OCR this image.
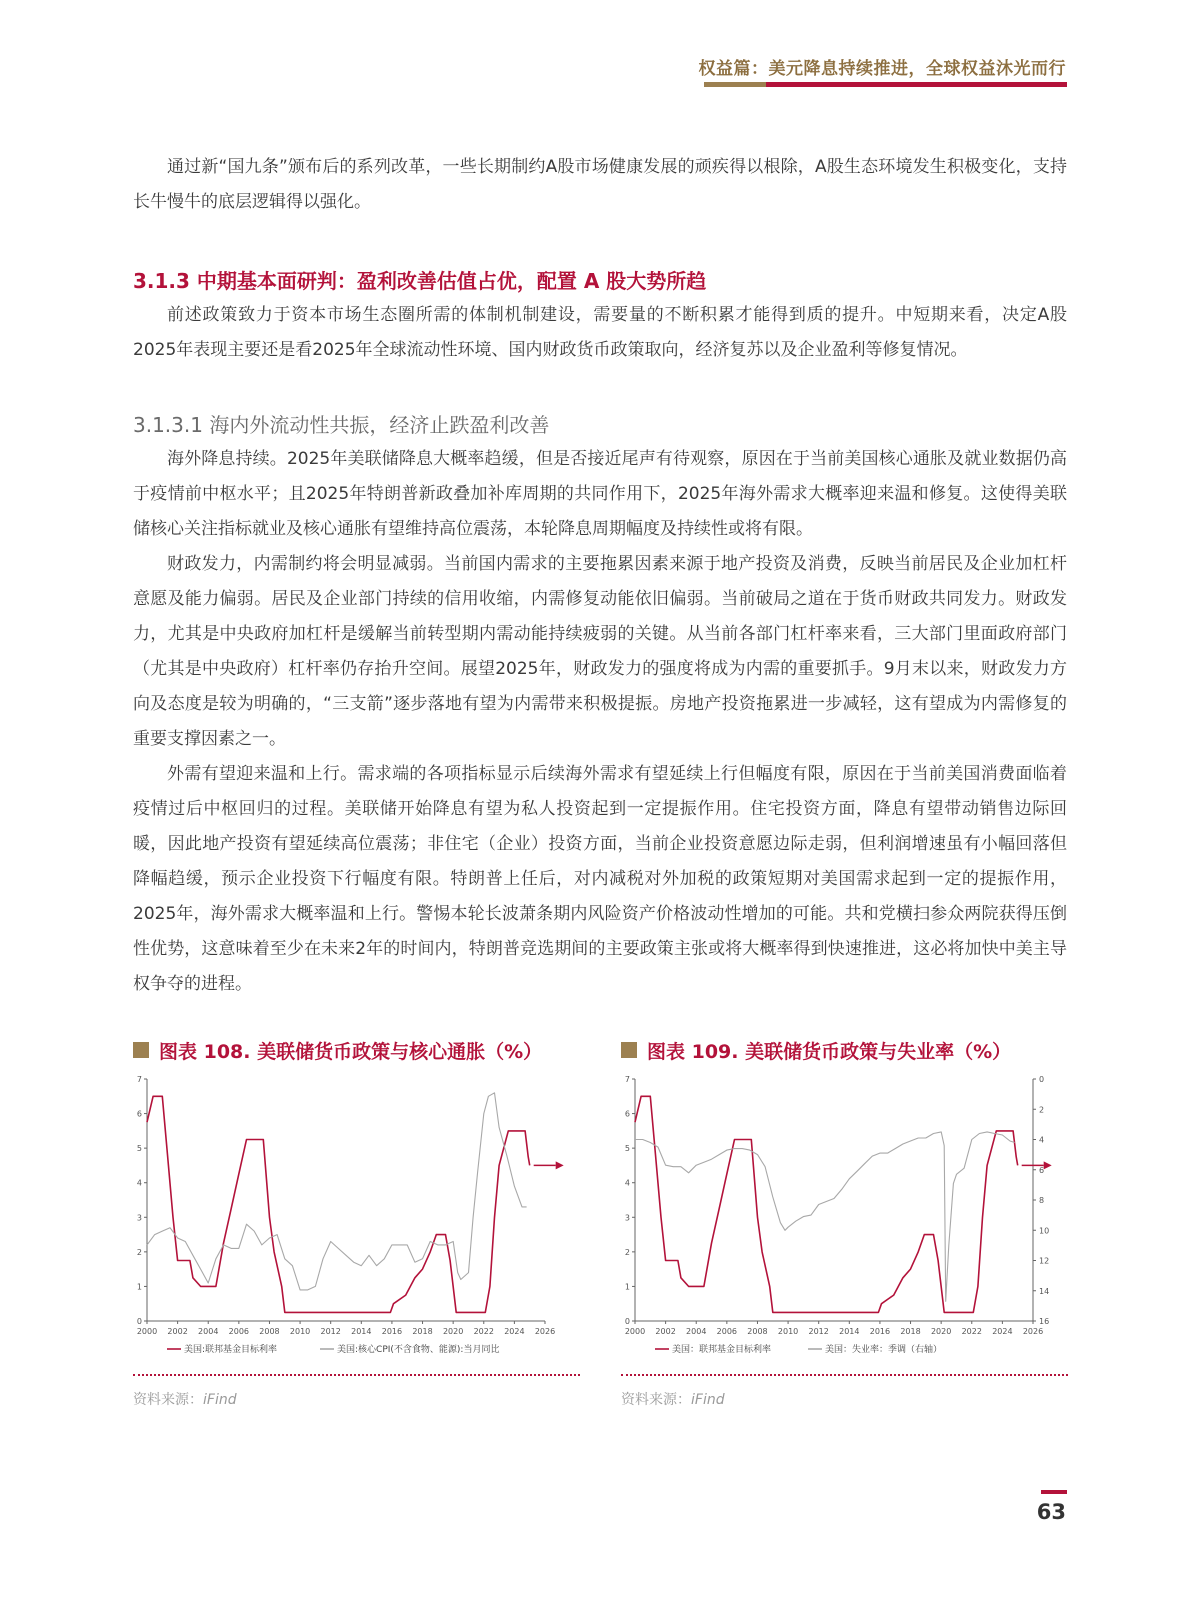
权益篇：美元降息持续推进，全球权益沐光而行

通过新“国九条”颁布后的系列改革，一些长期制约A股市场健康发展的顽疾得以根除，A股生态环境发生积极变化，支持长牛慢牛的底层逻辑得以强化。

3.1.3 中期基本面研判：盈利改善估值占优，配置 A 股大势所趋

前述政策致力于资本市场生态圈所需的体制机制建设，需要量的不断积累才能得到质的提升。中短期来看，决定A股2025年表现主要还是看2025年全球流动性环境、国内财政货币政策取向，经济复苏以及企业盈利等修复情况。

3.1.3.1 海内外流动性共振，经济止跌盈利改善

海外降息持续。2025年美联储降息大概率趋缓，但是否接近尾声有待观察，原因在于当前美国核心通胀及就业数据仍高于疫情前中枢水平；且2025年特朗普新政叠加补库周期的共同作用下，2025年海外需求大概率迎来温和修复。这使得美联储核心关注指标就业及核心通胀有望维持高位震荡，本轮降息周期幅度及持续性或将有限。

财政发力，内需制约将会明显减弱。当前国内需求的主要拖累因素来源于地产投资及消费，反映当前居民及企业加杠杆意愿及能力偏弱。居民及企业部门持续的信用收缩，内需修复动能依旧偏弱。当前破局之道在于货币财政共同发力。财政发力，尤其是中央政府加杠杆是缓解当前转型期内需动能持续疲弱的关键。从当前各部门杠杆率来看，三大部门里面政府部门（尤其是中央政府）杠杆率仍存抬升空间。展望2025年，财政发力的强度将成为内需的重要抓手。9月末以来，财政发力方向及态度是较为明确的，“三支箭”逐步落地有望为内需带来积极提振。房地产投资拖累进一步减轻，这有望成为内需修复的重要支撑因素之一。

外需有望迎来温和上行。需求端的各项指标显示后续海外需求有望延续上行但幅度有限，原因在于当前美国消费面临着疫情过后中枢回归的过程。美联储开始降息有望为私人投资起到一定提振作用。住宅投资方面，降息有望带动销售边际回暖，因此地产投资有望延续高位震荡；非住宅（企业）投资方面，当前企业投资意愿边际走弱，但利润增速虽有小幅回落但降幅趋缓，预示企业投资下行幅度有限。特朗普上任后，对内减税对外加税的政策短期对美国需求起到一定的提振作用，2025年，海外需求大概率温和上行。警惕本轮长波萧条期内风险资产价格波动性增加的可能。共和党横扫参众两院获得压倒性优势，这意味着至少在未来2年的时间内，特朗普竞选期间的主要政策主张或将大概率得到快速推进，这必将加快中美主导权争夺的进程。

图表 108. 美联储货币政策与核心通胀（%）
0
1
2
3
4
5
6
7
2000 2002 2004 2006 2008 2010 2012 2014 2016 2018 2020 2022 2024 2026
美国:联邦基金目标利率	美国:核心CPI(不含食物、能源):当月同比
资料来源：iFind
图表 109. 美联储货币政策与失业率（%）
0
1
2
3
4
5
6
7	0
2
4
6
8
10
12
14
16
2000 2002 2004 2006 2008 2010 2012 2014 2016 2018 2020 2022 2024 2026
美国：联邦基金目标利率	美国：失业率：季调（右轴）
资料来源：iFind
63
